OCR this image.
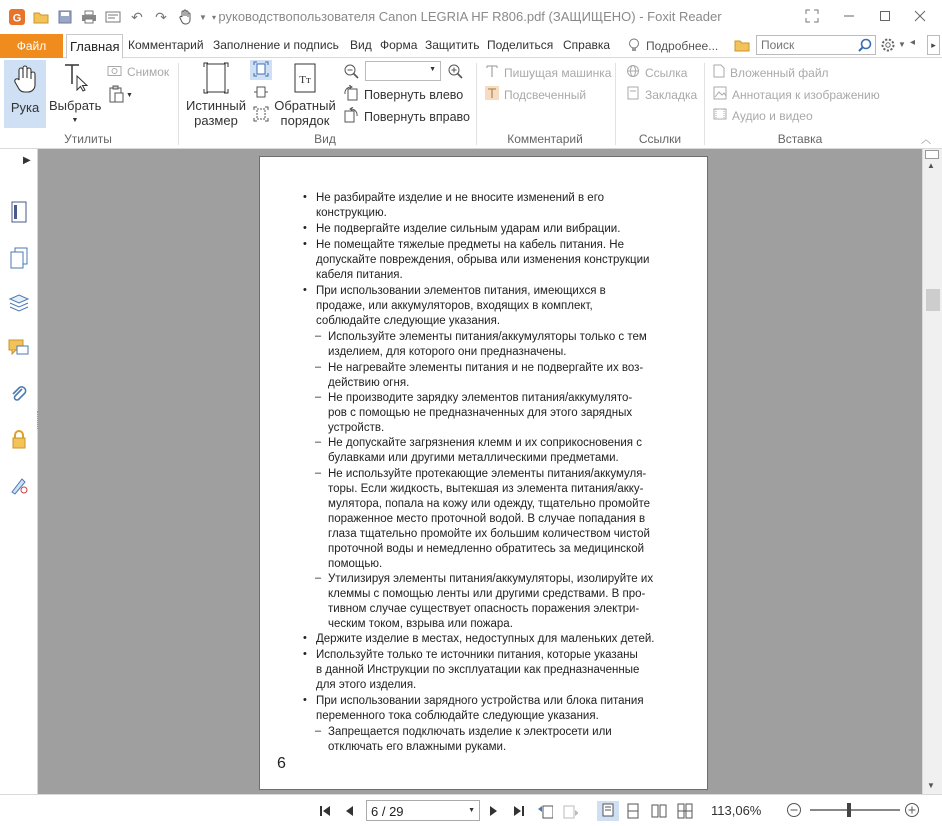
G	↶ ↷	▼ ▾ руководствопользователя Canon LEGRIA HF R806.pdf (ЗАЩИЩЕНО) - Foxit Reader
Файл	Главная Комментарий Заполнение и подпись Вид Форма Защитить Поделиться Справка	Подробнее...
Поиск	▼ ◂	▸
Рука Выбрать
▼
Снимок
▼
Утилиты
Истинный
размер
Tт
Обратный
порядок
▼
Повернуть влево
Повернуть вправо
Вид
Пишущая машинка
Подсвеченный
Комментарий
Ссылка
Закладка
Ссылки
Вложенный файл
Аннотация к изображению
Аудио и видео
Вставка	︿
▶
• Не разбирайте изделие и не вносите изменений в его
конструкцию.
• Не подвергайте изделие сильным ударам или вибрации.
• Не помещайте тяжелые предметы на кабель питания. Не
допускайте повреждения, обрыва или изменения конструкции
кабеля питания.
• При использовании элементов питания, имеющихся в
продаже, или аккумуляторов, входящих в комплект,
соблюдайте следующие указания.
– Используйте элементы питания/аккумуляторы только с тем
изделием, для которого они предназначены.
– Не нагревайте элементы питания и не подвергайте их воз-
действию огня.
– Не производите зарядку элементов питания/аккумулято-
ров с помощью не предназначенных для этого зарядных
устройств.
– Не допускайте загрязнения клемм и их соприкосновения с
булавками или другими металлическими предметами.
– Не используйте протекающие элементы питания/аккумуля-
торы. Если жидкость, вытекшая из элемента питания/акку-
мулятора, попала на кожу или одежду, тщательно промойте
пораженное место проточной водой. В случае попадания в
глаза тщательно промойте их большим количеством чистой
проточной воды и немедленно обратитесь за медицинской
помощью.
– Утилизируя элементы питания/аккумуляторы, изолируйте их
клеммы с помощью ленты или другими средствами. В про-
тивном случае существует опасность поражения электри-
ческим током, взрыва или пожара.
• Держите изделие в местах, недоступных для маленьких детей.
• Используйте только те источники питания, которые указаны
в данной Инструкции по эксплуатации как предназначенные
для этого изделия.
• При использовании зарядного устройства или блока питания
переменного тока соблюдайте следующие указания.
– Запрещается подключать изделие к электросети или
отключать его влажными руками.
6
▲
▼
6 / 29	▼	113,06%
